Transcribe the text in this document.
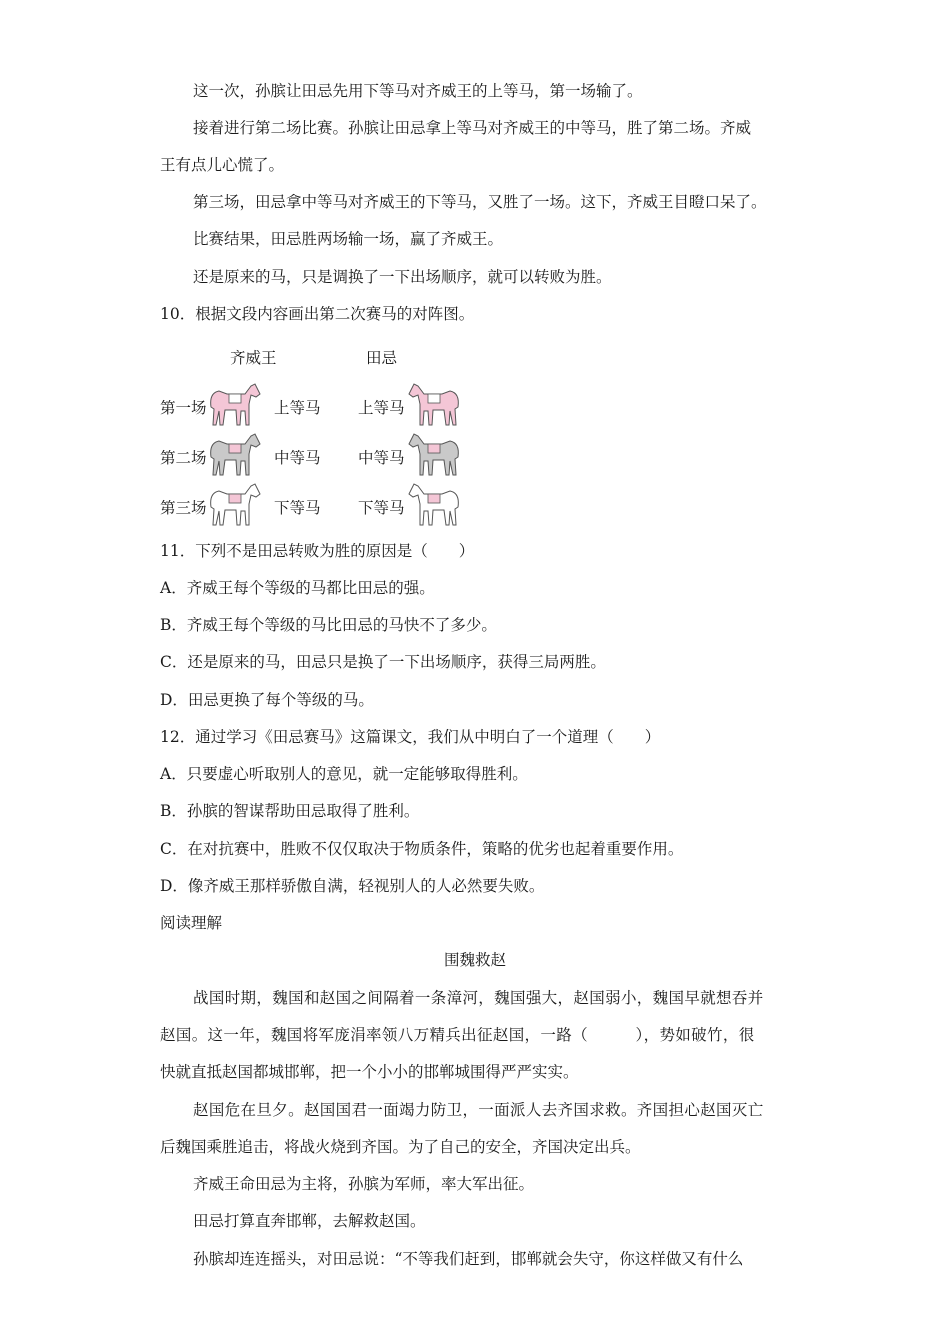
这一次，孙膑让田忌先用下等马对齐威王的上等马，第一场输了。
接着进行第二场比赛。孙膑让田忌拿上等马对齐威王的中等马，胜了第二场。齐威
王有点儿心慌了。
第三场，田忌拿中等马对齐威王的下等马，又胜了一场。这下，齐威王目瞪口呆了。
比赛结果，田忌胜两场输一场，赢了齐威王。
还是原来的马，只是调换了一下出场顺序，就可以转败为胜。
10．根据文段内容画出第二次赛马的对阵图。
齐威王	田忌
第一场	上等马 上等马
第二场	中等马 中等马
第三场	下等马 下等马
11．下列不是田忌转败为胜的原因是（　　）
A．齐威王每个等级的马都比田忌的强。
B．齐威王每个等级的马比田忌的马快不了多少。
C．还是原来的马，田忌只是换了一下出场顺序，获得三局两胜。
D．田忌更换了每个等级的马。
12．通过学习《田忌赛马》这篇课文，我们从中明白了一个道理（　　）
A．只要虚心听取别人的意见，就一定能够取得胜利。
B．孙膑的智谋帮助田忌取得了胜利。
C．在对抗赛中，胜败不仅仅取决于物质条件，策略的优劣也起着重要作用。
D．像齐威王那样骄傲自满，轻视别人的人必然要失败。
阅读理解
围魏救赵
战国时期，魏国和赵国之间隔着一条漳河，魏国强大，赵国弱小，魏国早就想吞并
赵国。这一年，魏国将军庞涓率领八万精兵出征赵国，一路（　　　），势如破竹，很
快就直抵赵国都城邯郸，把一个小小的邯郸城围得严严实实。
赵国危在旦夕。赵国国君一面竭力防卫，一面派人去齐国求救。齐国担心赵国灭亡
后魏国乘胜追击，将战火烧到齐国。为了自己的安全，齐国决定出兵。
齐威王命田忌为主将，孙膑为军师，率大军出征。
田忌打算直奔邯郸，去解救赵国。
孙膑却连连摇头，对田忌说：“不等我们赶到，邯郸就会失守，你这样做又有什么
